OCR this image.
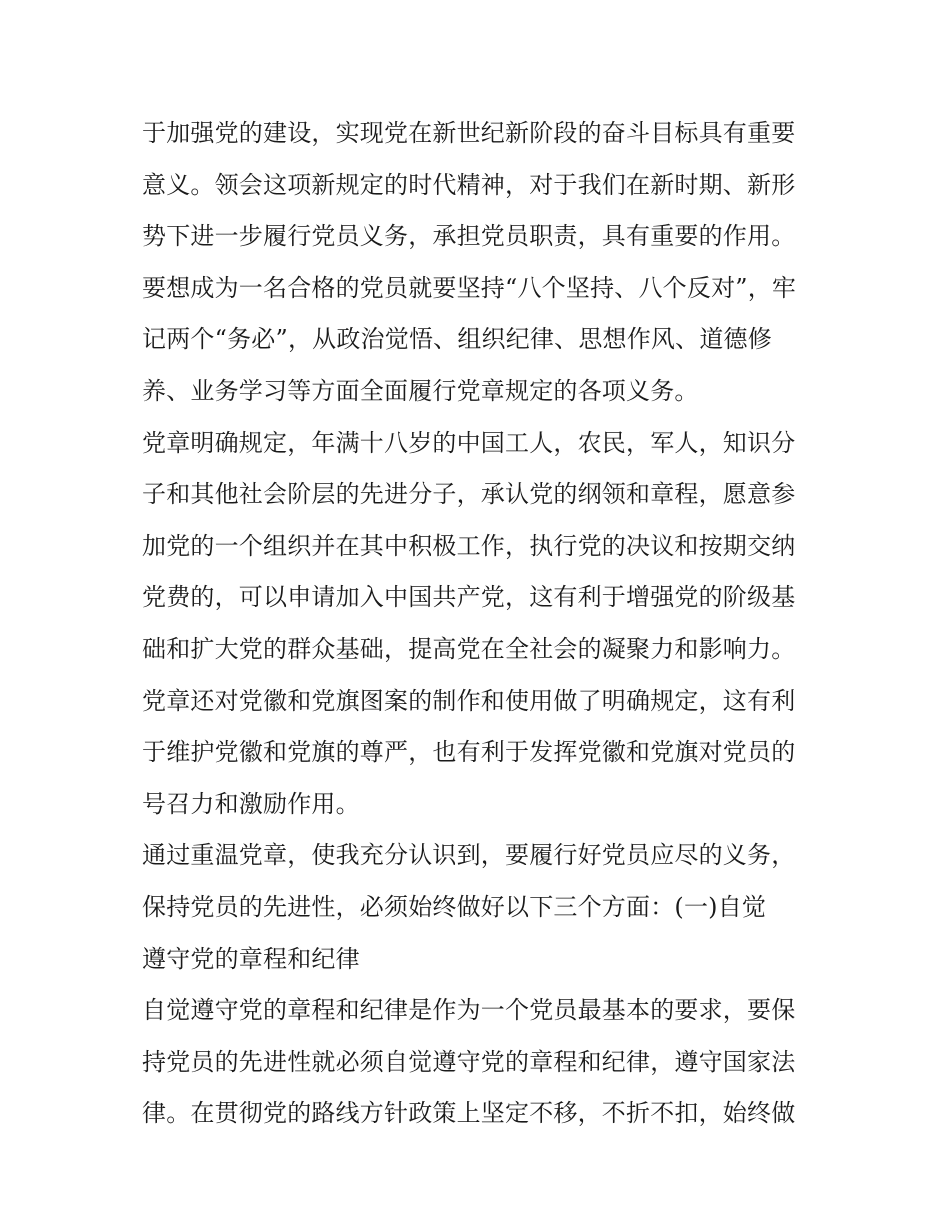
于加强党的建设，实现党在新世纪新阶段的奋斗目标具有重要
意义。领会这项新规定的时代精神，对于我们在新时期、新形
势下进一步履行党员义务，承担党员职责，具有重要的作用。
要想成为一名合格的党员就要坚持“八个坚持、八个反对”，牢
记两个“务必”，从政治觉悟、组织纪律、思想作风、道德修
养、业务学习等方面全面履行党章规定的各项义务。
党章明确规定，年满十八岁的中国工人，农民，军人，知识分
子和其他社会阶层的先进分子，承认党的纲领和章程，愿意参
加党的一个组织并在其中积极工作，执行党的决议和按期交纳
党费的，可以申请加入中国共产党，这有利于增强党的阶级基
础和扩大党的群众基础，提高党在全社会的凝聚力和影响力。
党章还对党徽和党旗图案的制作和使用做了明确规定，这有利
于维护党徽和党旗的尊严，也有利于发挥党徽和党旗对党员的
号召力和激励作用。
通过重温党章，使我充分认识到，要履行好党员应尽的义务，
保持党员的先进性，必须始终做好以下三个方面：(一)自觉
遵守党的章程和纪律
自觉遵守党的章程和纪律是作为一个党员最基本的要求，要保
持党员的先进性就必须自觉遵守党的章程和纪律，遵守国家法
律。在贯彻党的路线方针政策上坚定不移，不折不扣，始终做
